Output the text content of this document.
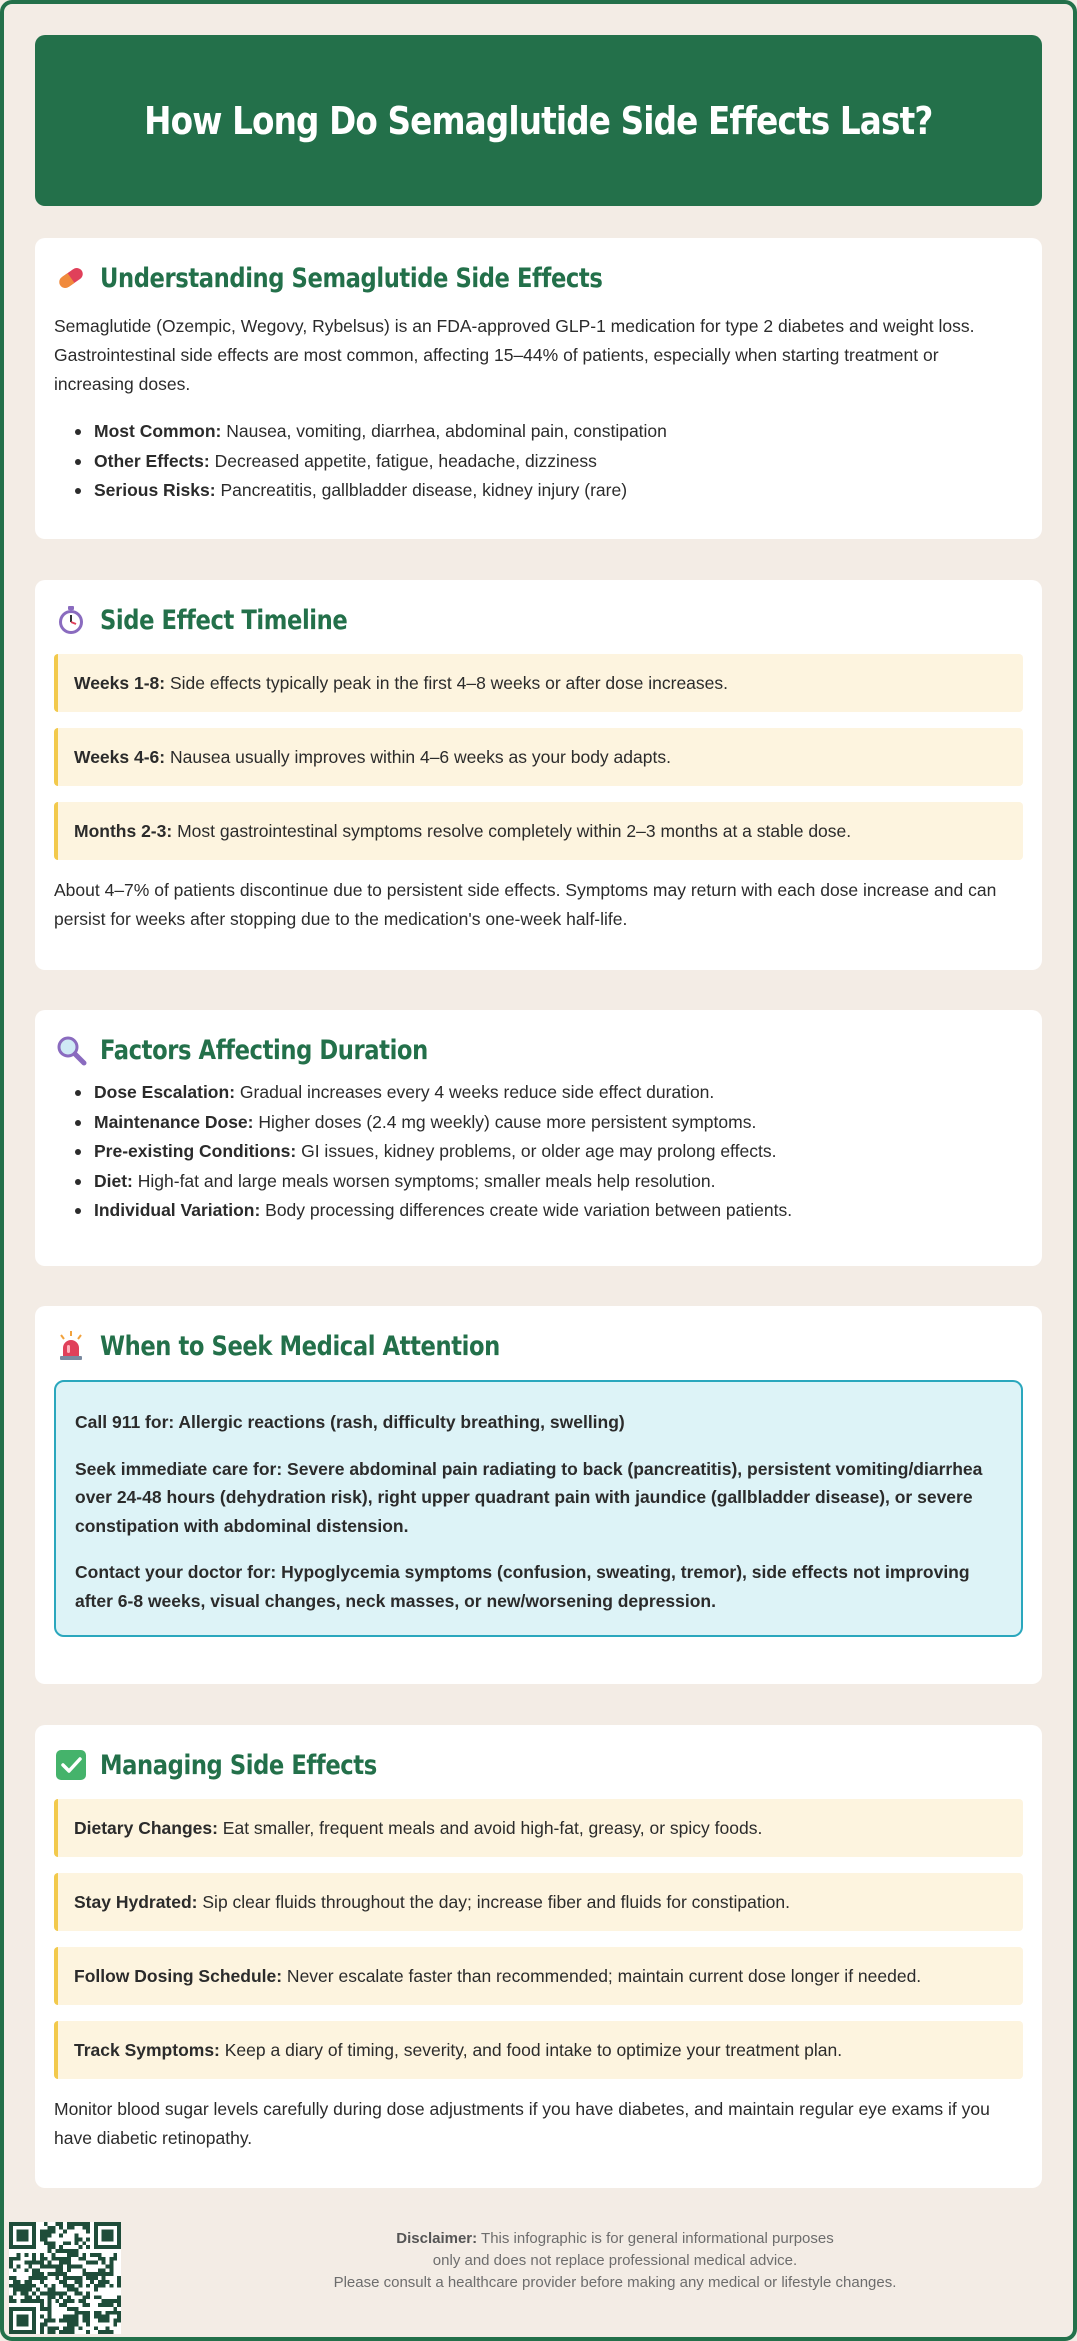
How Long Do Semaglutide Side Effects Last?
Understanding Semaglutide Side Effects

Semaglutide (Ozempic, Wegovy, Rybelsus) is an FDA-approved GLP-1 medication for type 2 diabetes and weight loss. Gastrointestinal side effects are most common, affecting 15–44% of patients, especially when starting treatment or increasing doses.

Most Common: Nausea, vomiting, diarrhea, abdominal pain, constipation
Other Effects: Decreased appetite, fatigue, headache, dizziness
Serious Risks: Pancreatitis, gallbladder disease, kidney injury (rare)
Side Effect Timeline
Weeks 1-8: Side effects typically peak in the first 4–8 weeks or after dose increases.
Weeks 4-6: Nausea usually improves within 4–6 weeks as your body adapts.
Months 2-3: Most gastrointestinal symptoms resolve completely within 2–3 months at a stable dose.

About 4–7% of patients discontinue due to persistent side effects. Symptoms may return with each dose increase and can persist for weeks after stopping due to the medication's one-week half-life.

Factors Affecting Duration
Dose Escalation: Gradual increases every 4 weeks reduce side effect duration.
Maintenance Dose: Higher doses (2.4 mg weekly) cause more persistent symptoms.
Pre-existing Conditions: GI issues, kidney problems, or older age may prolong effects.
Diet: High-fat and large meals worsen symptoms; smaller meals help resolution.
Individual Variation: Body processing differences create wide variation between patients.
When to Seek Medical Attention
Call 911 for: Allergic reactions (rash, difficulty breathing, swelling)
Seek immediate care for: Severe abdominal pain radiating to back (pancreatitis), persistent vomiting/diarrhea over 24-48 hours (dehydration risk), right upper quadrant pain with jaundice (gallbladder disease), or severe constipation with abdominal distension.
Contact your doctor for: Hypoglycemia symptoms (confusion, sweating, tremor), side effects not improving after 6-8 weeks, visual changes, neck masses, or new/worsening depression.
Managing Side Effects
Dietary Changes: Eat smaller, frequent meals and avoid high-fat, greasy, or spicy foods.
Stay Hydrated: Sip clear fluids throughout the day; increase fiber and fluids for constipation.
Follow Dosing Schedule: Never escalate faster than recommended; maintain current dose longer if needed.
Track Symptoms: Keep a diary of timing, severity, and food intake to optimize your treatment plan.

Monitor blood sugar levels carefully during dose adjustments if you have diabetes, and maintain regular eye exams if you have diabetic retinopathy.

Disclaimer: This infographic is for general informational purposes
only and does not replace professional medical advice.
Please consult a healthcare provider before making any medical or lifestyle changes.
